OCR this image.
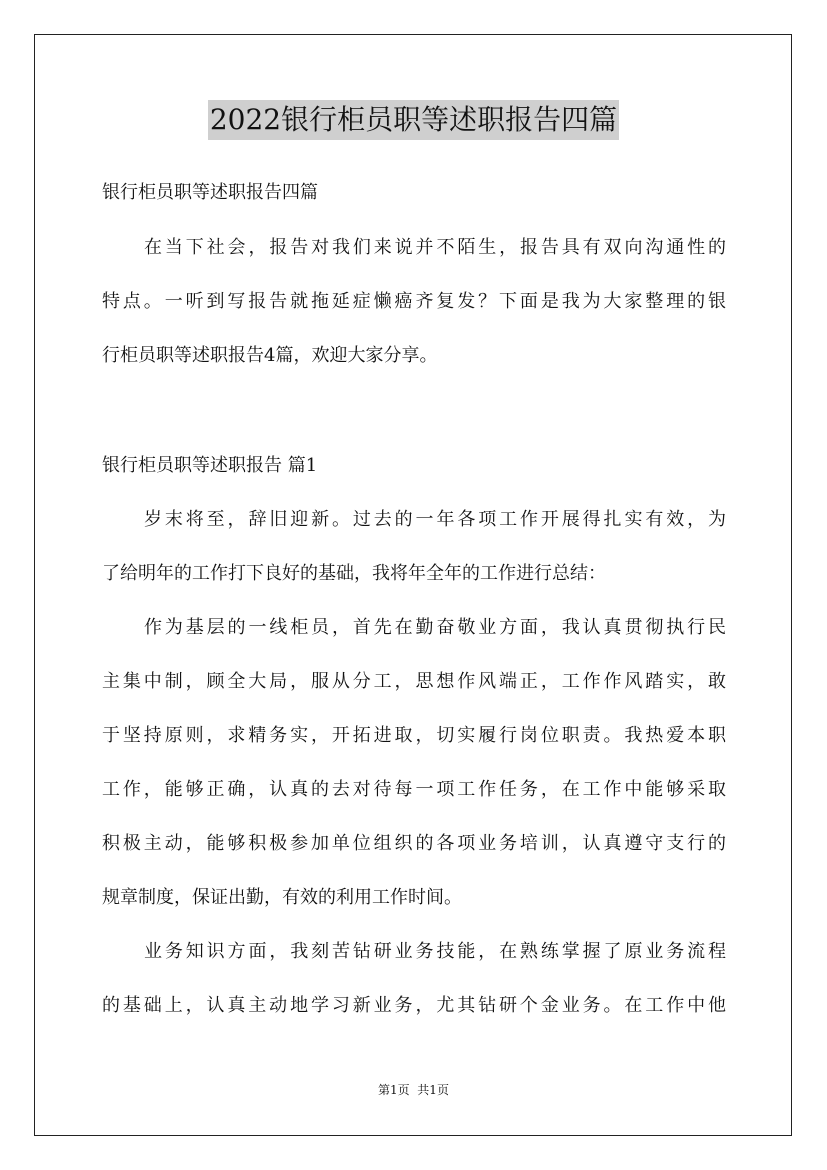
2022银行柜员职等述职报告四篇
银行柜员职等述职报告四篇
在当下社会，报告对我们来说并不陌生，报告具有双向沟通性的
特点。一听到写报告就拖延症懒癌齐复发？下面是我为大家整理的银
行柜员职等述职报告4篇，欢迎大家分享。
银行柜员职等述职报告 篇1
岁末将至，辞旧迎新。过去的一年各项工作开展得扎实有效，为
了给明年的工作打下良好的基础，我将年全年的工作进行总结：
作为基层的一线柜员，首先在勤奋敬业方面，我认真贯彻执行民
主集中制，顾全大局，服从分工，思想作风端正，工作作风踏实，敢
于坚持原则，求精务实，开拓进取，切实履行岗位职责。我热爱本职
工作，能够正确，认真的去对待每一项工作任务，在工作中能够采取
积极主动，能够积极参加单位组织的各项业务培训，认真遵守支行的
规章制度，保证出勤，有效的利用工作时间。
业务知识方面，我刻苦钻研业务技能，在熟练掌握了原业务流程
的基础上，认真主动地学习新业务，尤其钻研个金业务。在工作中他
第1页  共1页
